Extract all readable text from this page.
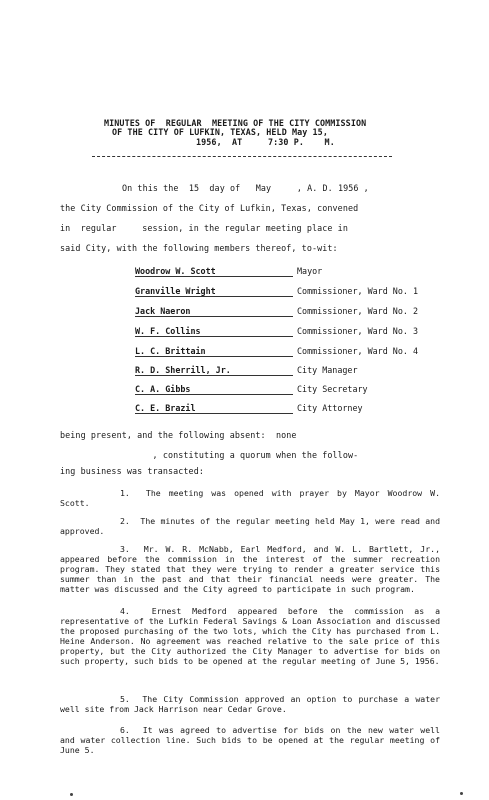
MINUTES OF  REGULAR  MEETING OF THE CITY COMMISSION
OF THE CITY OF LUFKIN, TEXAS, HELD May 15,
1956,  AT     7:30 P.    M.
On this the  15  day of   May     , A. D. 1956 ,
the City Commission of the City of Lufkin, Texas, convened
in  regular     session, in the regular meeting place in
said City, with the following members thereof, to-wit:
Woodrow W. Scott	Mayor
Granville Wright	Commissioner, Ward No. 1
Jack Naeron	Commissioner, Ward No. 2
W. F. Collins	Commissioner, Ward No. 3
L. C. Brittain	Commissioner, Ward No. 4
R. D. Sherrill, Jr.	City Manager
C. A. Gibbs	City Secretary
C. E. Brazil	City Attorney
being present, and the following absent:  none
, constituting a quorum when the follow-
ing business was transacted:
1. The meeting was opened with prayer by Mayor Woodrow W. Scott.
2. The minutes of the regular meeting held May 1, were read and approved.
3. Mr. W. R. McNabb, Earl Medford, and W. L. Bartlett, Jr., appeared before the commission in the interest of the summer recreation program. They stated that they were trying to render a greater service this summer than in the past and that their financial needs were greater. The matter was discussed and the City agreed to participate in such program.
4.	Ernest Medford appeared before the commission as a representative of the Lufkin Federal Savings & Loan Association and discussed the proposed purchasing of the two lots, which the City has purchased from L. Heine Anderson. No agreement was reached relative to the sale price of this property, but the City authorized the City Manager to advertise for bids on such property, such bids to be opened at the regular meeting of June 5, 1956.
5. The City Commission approved an option to purchase a water well site from Jack Harrison near Cedar Grove.
6. It was agreed to advertise for bids on the new water well and water collection line. Such bids to be opened at the regular meeting of June 5.
